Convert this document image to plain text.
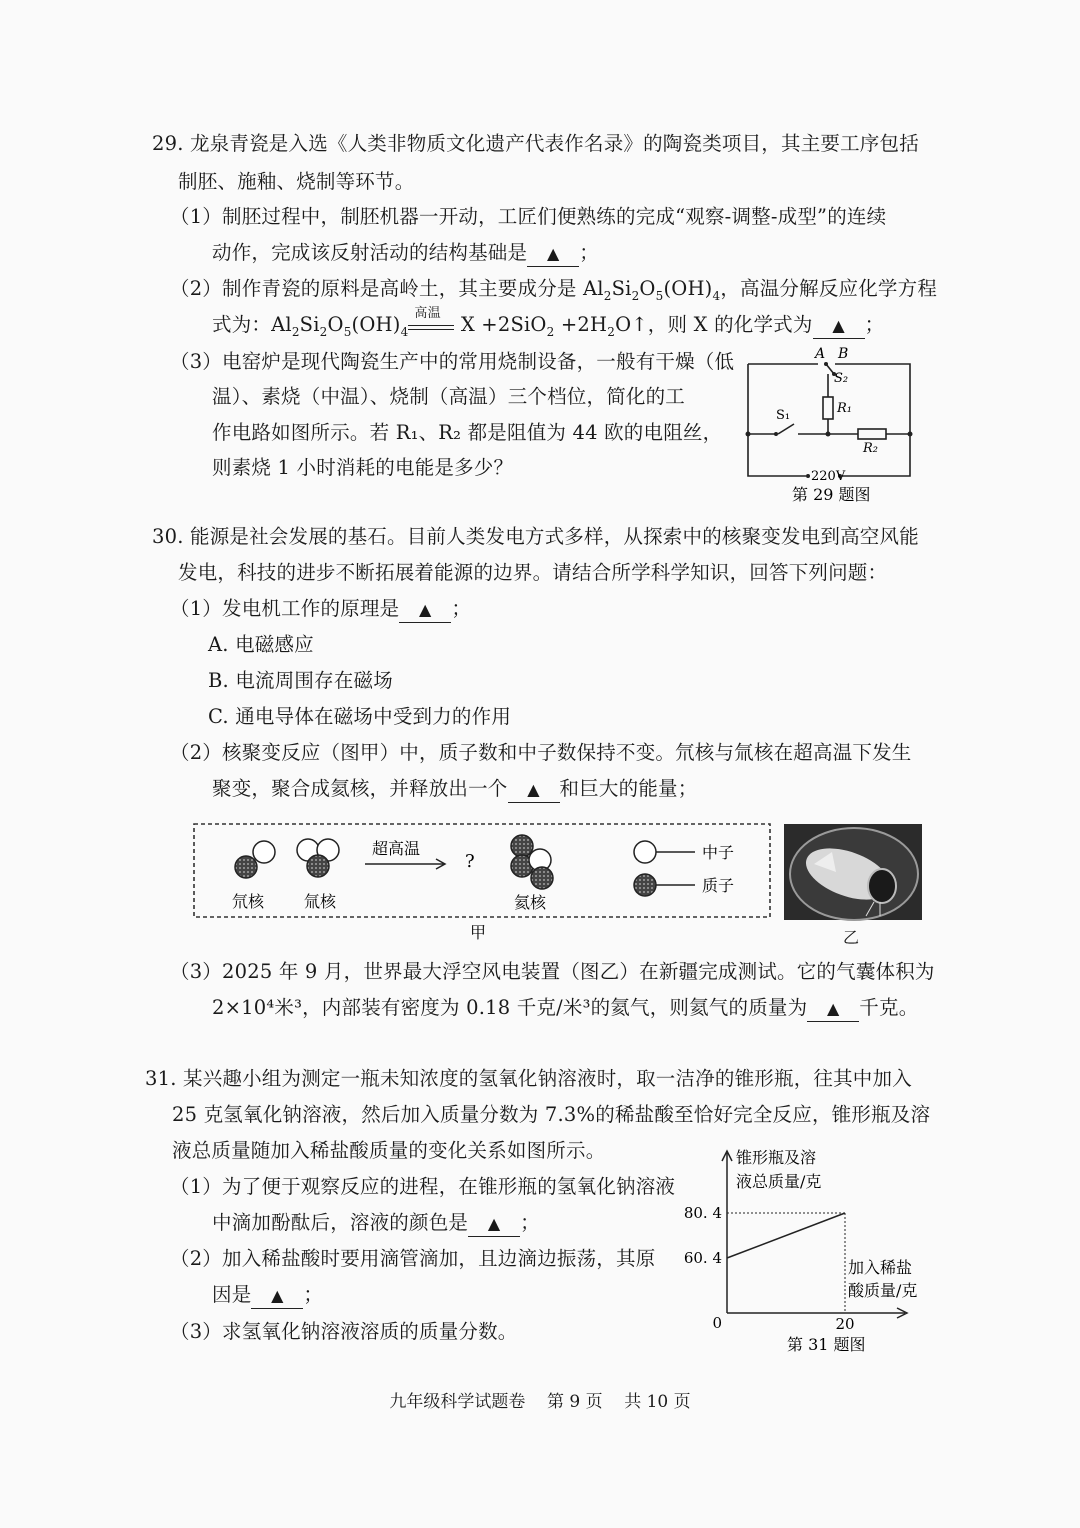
29. 龙泉青瓷是入选《人类非物质文化遗产代表作名录》的陶瓷类项目，其主要工序包括
制胚、施釉、烧制等环节。
（1）制胚过程中，制胚机器一开动，工匠们便熟练的完成“观察-调整-成型”的连续
动作，完成该反射活动的结构基础是 ▲ ；
（2）制作青瓷的原料是高岭土，其主要成分是 $Al_2Si_2O_5(OH)_4$，高温分解反应化学方程
式为：$Al_2Si_2O_5(OH)_4$
高温 $X +2SiO_2 +2H_2O↑$，则 X 的化学式为 ▲ ；
（3）电窑炉是现代陶瓷生产中的常用烧制设备，一般有干燥（低
温）、素烧（中温）、烧制（高温）三个档位，简化的工
作电路如图所示。若 R₁、R₂ 都是阻值为 44 欧的电阻丝，
则素烧 1 小时消耗的电能是多少？
A B
S₂
R₁
S₁
R₂
220V
第 29 题图
30. 能源是社会发展的基石。目前人类发电方式多样，从探索中的核聚变发电到高空风能
发电，科技的进步不断拓展着能源的边界。请结合所学科学知识，回答下列问题：
（1）发电机工作的原理是 ▲ ；
A. 电磁感应
B. 电流周围存在磁场
C. 通电导体在磁场中受到力的作用
（2）核聚变反应（图甲）中，质子数和中子数保持不变。氘核与氚核在超高温下发生
聚变，聚合成氦核，并释放出一个 ▲ 和巨大的能量；
氘核 氚核
超高温
?
氦核
中子
质子
甲	乙
（3）2025 年 9 月，世界最大浮空风电装置（图乙）在新疆完成测试。它的气囊体积为
2×10⁴米³，内部装有密度为 0.18 千克/米³的氦气，则氦气的质量为 ▲ 千克。
31. 某兴趣小组为测定一瓶未知浓度的氢氧化钠溶液时，取一洁净的锥形瓶，往其中加入
25 克氢氧化钠溶液，然后加入质量分数为 7.3%的稀盐酸至恰好完全反应，锥形瓶及溶
液总质量随加入稀盐酸质量的变化关系如图所示。
（1）为了便于观察反应的进程，在锥形瓶的氢氧化钠溶液
中滴加酚酞后，溶液的颜色是 ▲ ；
（2）加入稀盐酸时要用滴管滴加，且边滴边振荡，其原
因是 ▲ ；
（3）求氢氧化钠溶液溶质的质量分数。
锥形瓶及溶
液总质量/克
加入稀盐
酸质量/克
0
60. 4
80. 4
20
第 31 题图
九年级科学试题卷    第 9 页    共 10 页
